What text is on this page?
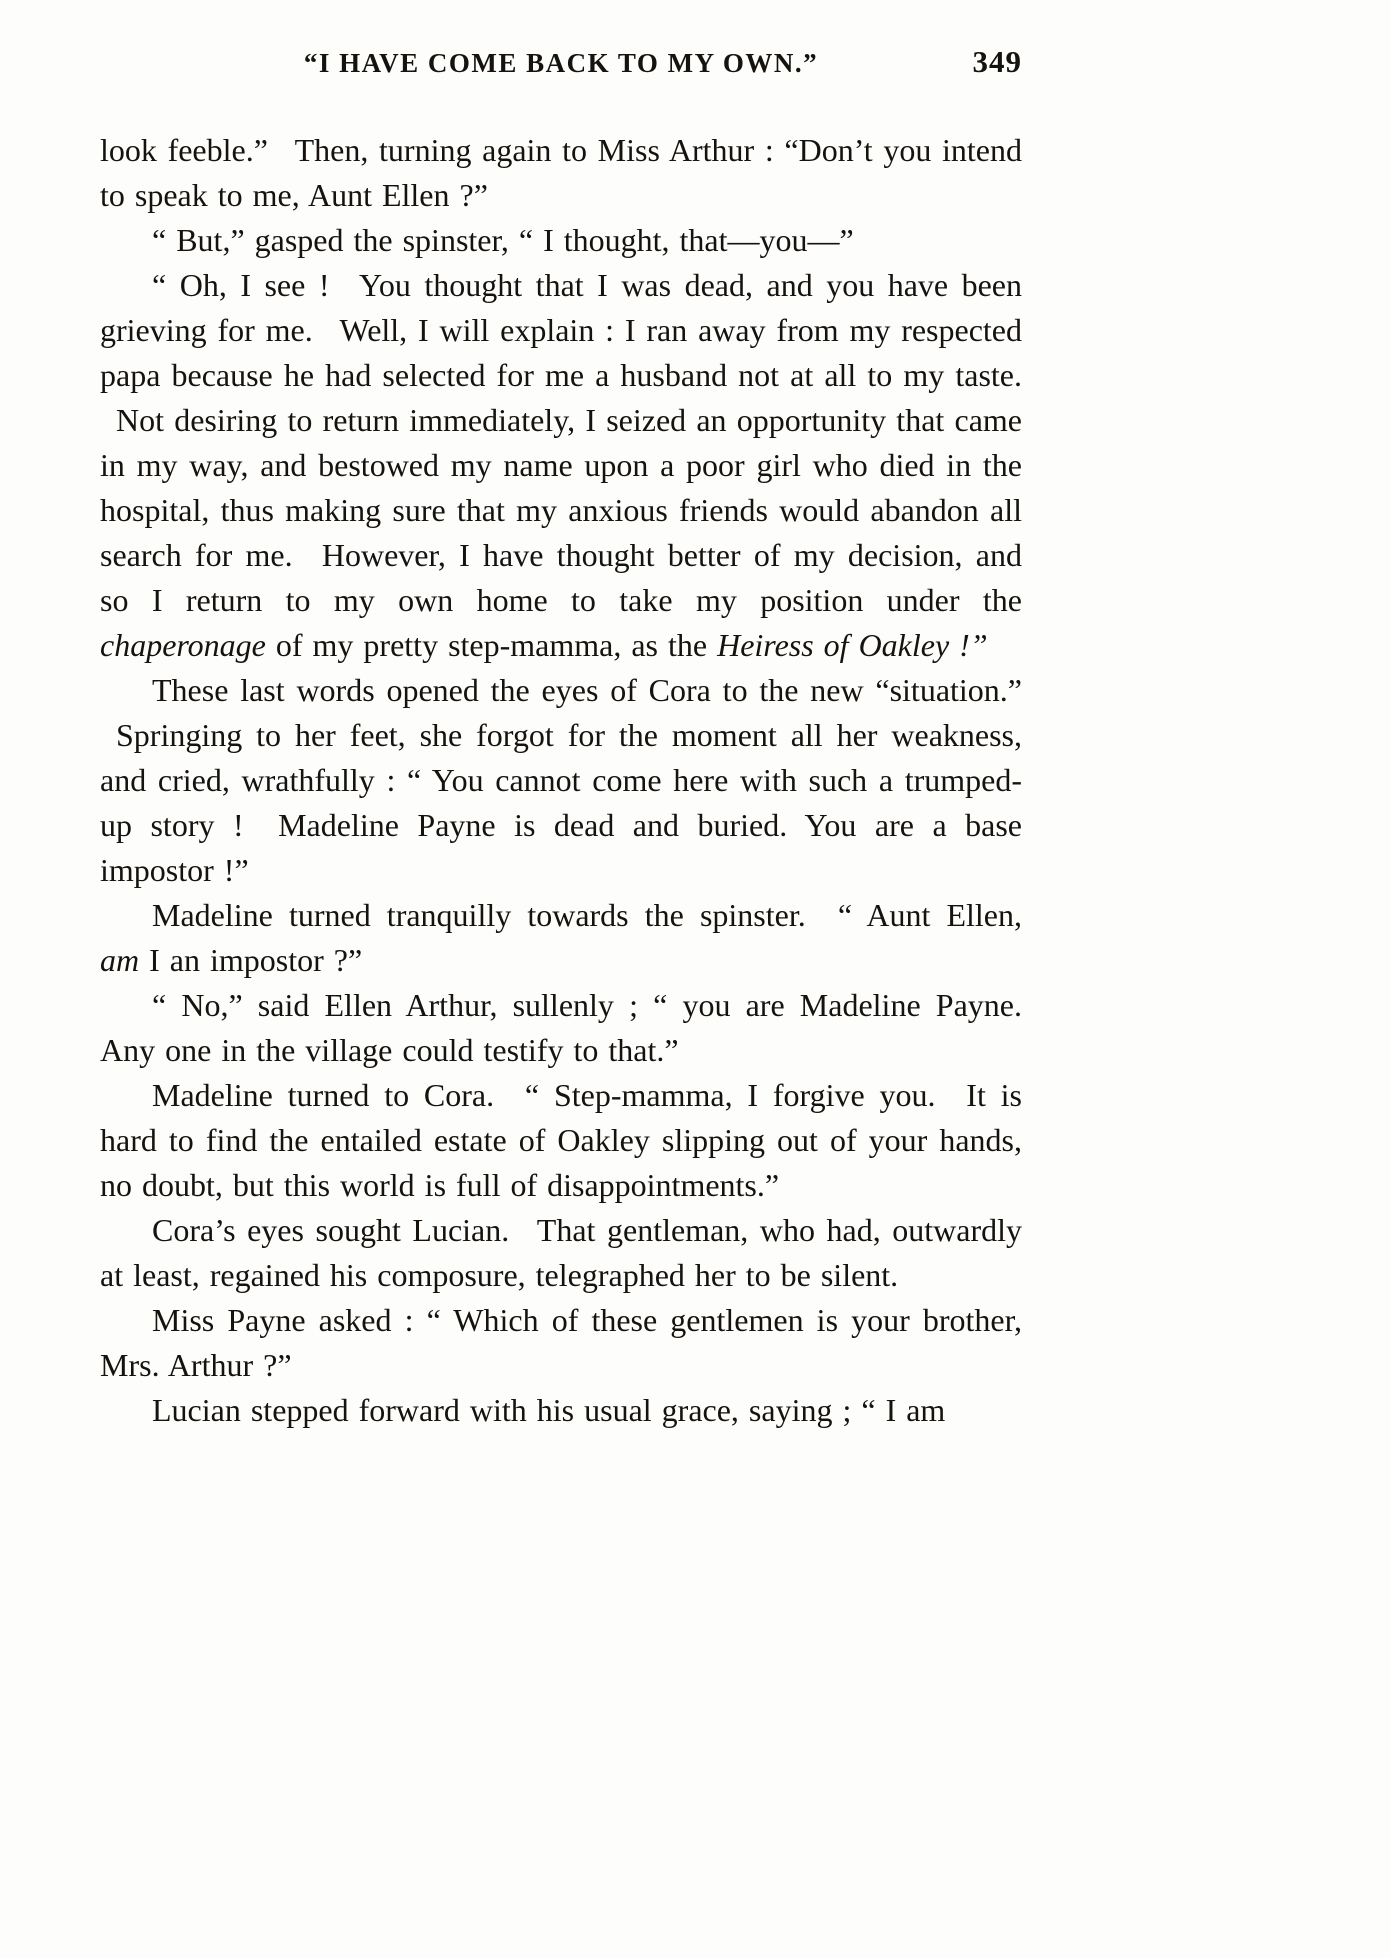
“I HAVE COME BACK TO MY OWN.”	349

look feeble.”  Then, turning again to Miss Arthur : “Don’t you intend to speak to me, Aunt Ellen ?”

“ But,” gasped the spinster, “ I thought, that—you—”

“ Oh, I see !  You thought that I was dead, and you have been grieving for me.  Well, I will explain : I ran away from my respected papa because he had selected for me a husband not at all to my taste.  Not desiring to return immediately, I seized an opportunity that came in my way, and bestowed my name upon a poor girl who died in the hospital, thus making sure that my anxious friends would abandon all search for me.  However, I have thought better of my decision, and so I return to my own home to take my position under the chaperonage of my pretty step-mamma, as the Heiress of Oakley !”

These last words opened the eyes of Cora to the new “situation.”  Springing to her feet, she forgot for the moment all her weakness, and cried, wrathfully : “ You cannot come here with such a trumped-up story !  Madeline Payne is dead and buried. You are a base impostor !”

Madeline turned tranquilly towards the spinster.  “ Aunt Ellen, am I an impostor ?”

“ No,” said Ellen Arthur, sullenly ; “ you are Madeline Payne. Any one in the village could testify to that.”

Madeline turned to Cora.  “ Step-mamma, I forgive you.  It is hard to find the entailed estate of Oakley slipping out of your hands, no doubt, but this world is full of disappointments.”

Cora’s eyes sought Lucian.  That gentleman, who had, outwardly at least, regained his composure, telegraphed her to be silent.

Miss Payne asked : “ Which of these gentlemen is your brother, Mrs. Arthur ?”

Lucian stepped forward with his usual grace, saying ; “ I am
